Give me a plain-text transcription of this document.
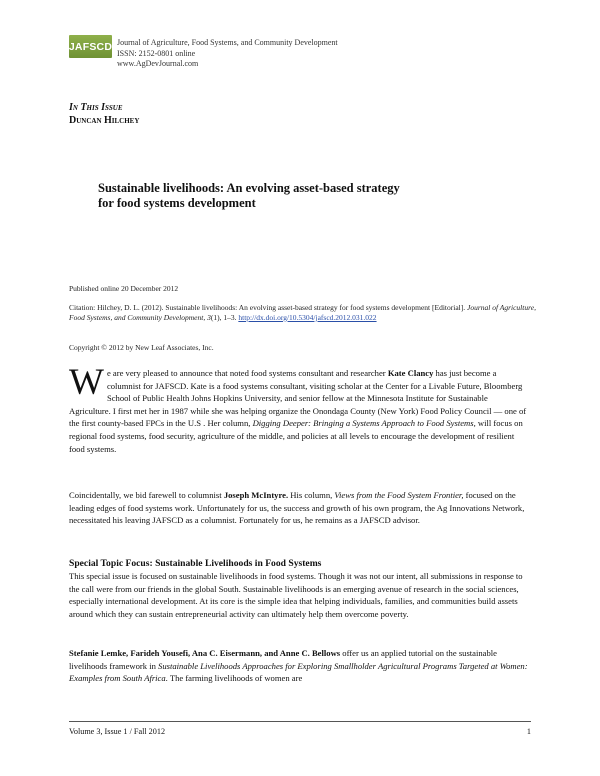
JAFSCD Journal of Agriculture, Food Systems, and Community Development
ISSN: 2152-0801 online
www.AgDevJournal.com
In This Issue
Duncan Hilchey
Sustainable livelihoods: An evolving asset-based strategy
for food systems development
Published online 20 December 2012
Citation: Hilchey, D. L. (2012). Sustainable livelihoods: An evolving asset-based strategy for food systems development [Editorial]. Journal of Agriculture, Food Systems, and Community Development, 3(1), 1–3. http://dx.doi.org/10.5304/jafscd.2012.031.022
Copyright © 2012 by New Leaf Associates, Inc.
We are very pleased to announce that noted food systems consultant and researcher Kate Clancy has just become a columnist for JAFSCD. Kate is a food systems consultant, visiting scholar at the Center for a Livable Future, Bloomberg School of Public Health Johns Hopkins University, and senior fellow at the Minnesota Institute for Sustainable Agriculture. I first met her in 1987 while she was helping organize the Onondaga County (New York) Food Policy Council — one of the first county-based FPCs in the U.S . Her column, Digging Deeper: Bringing a Systems Approach to Food Systems, will focus on regional food systems, food security, agriculture of the middle, and policies at all levels to encourage the development of resilient food systems.
Coincidentally, we bid farewell to columnist Joseph McIntyre. His column, Views from the Food System Frontier, focused on the leading edges of food systems work. Unfortunately for us, the success and growth of his own program, the Ag Innovations Network, necessitated his leaving JAFSCD as a columnist. Fortunately for us, he remains as a JAFSCD advisor.
Special Topic Focus: Sustainable Livelihoods in Food Systems
This special issue is focused on sustainable livelihoods in food systems. Though it was not our intent, all submissions in response to the call were from our friends in the global South. Sustainable livelihoods is an emerging avenue of research in the social sciences, especially international development. At its core is the simple idea that helping individuals, families, and communities build assets around which they can sustain entrepreneurial activity can ultimately help them overcome poverty.
Stefanie Lemke, Farideh Yousefi, Ana C. Eisermann, and Anne C. Bellows offer us an applied tutorial on the sustainable livelihoods framework in Sustainable Livelihoods Approaches for Exploring Smallholder Agricultural Programs Targeted at Women: Examples from South Africa. The farming livelihoods of women are
Volume 3, Issue 1 / Fall 2012	1
